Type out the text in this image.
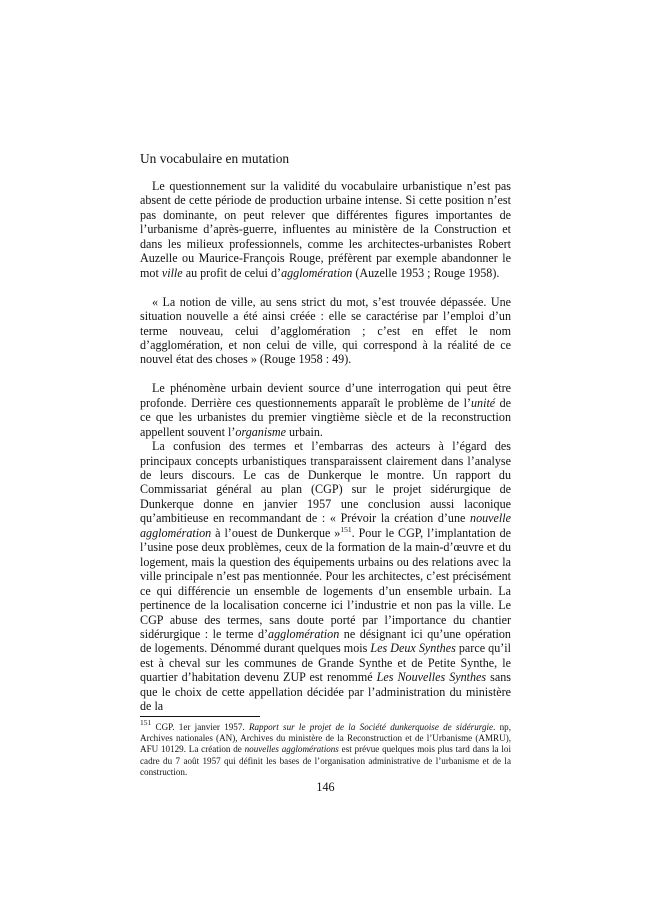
Un vocabulaire en mutation

Le questionnement sur la validité du vocabulaire urbanistique n’est pas absent de cette période de production urbaine intense. Si cette position n’est pas dominante, on peut relever que différentes figures importantes de l’urbanisme d’après-guerre, influentes au ministère de la Construction et dans les milieux professionnels, comme les architectes-urbanistes Robert Auzelle ou Maurice-François Rouge, préfèrent par exemple abandonner le mot ville au profit de celui d’agglomération (Auzelle 1953 ; Rouge 1958).

« La notion de ville, au sens strict du mot, s’est trouvée dépassée. Une situation nouvelle a été ainsi créée : elle se caractérise par l’emploi d’un terme nouveau, celui d’agglomération ; c’est en effet le nom d’agglomération, et non celui de ville, qui correspond à la réalité de ce nouvel état des choses » (Rouge 1958 : 49).

Le phénomène urbain devient source d’une interrogation qui peut être profonde. Derrière ces questionnements apparaît le problème de l’unité de ce que les urbanistes du premier vingtième siècle et de la reconstruction appellent souvent l’organisme urbain.

La confusion des termes et l’embarras des acteurs à l’égard des principaux concepts urbanistiques transparaissent clairement dans l’analyse de leurs discours. Le cas de Dunkerque le montre. Un rapport du Commissariat général au plan (CGP) sur le projet sidérurgique de Dunkerque donne en janvier 1957 une conclusion aussi laconique qu’ambitieuse en recommandant de : « Prévoir la création d’une nouvelle agglomération à l’ouest de Dunkerque »$^{151}$. Pour le CGP, l’implantation de l’usine pose deux problèmes, ceux de la formation de la main-d’œuvre et du logement, mais la question des équipements urbains ou des relations avec la ville principale n’est pas mentionnée. Pour les architectes, c’est précisément ce qui différencie un ensemble de logements d’un ensemble urbain. La pertinence de la localisation concerne ici l’industrie et non pas la ville. Le CGP abuse des termes, sans doute porté par l’importance du chantier sidérurgique : le terme d’agglomération ne désignant ici qu’une opération de logements. Dénommé durant quelques mois Les Deux Synthes parce qu’il est à cheval sur les communes de Grande Synthe et de Petite Synthe, le quartier d’habitation devenu ZUP est renommé Les Nouvelles Synthes sans que le choix de cette appellation décidée par l’administration du ministère de la

$^{151}$ CGP. 1er janvier 1957. Rapport sur le projet de la Société dunkerquoise de sidérurgie. np, Archives nationales (AN), Archives du ministère de la Reconstruction et de l’Urbanisme (AMRU), AFU 10129. La création de nouvelles agglomérations est prévue quelques mois plus tard dans la loi cadre du 7 août 1957 qui définit les bases de l’organisation administrative de l’urbanisme et de la construction.
146
